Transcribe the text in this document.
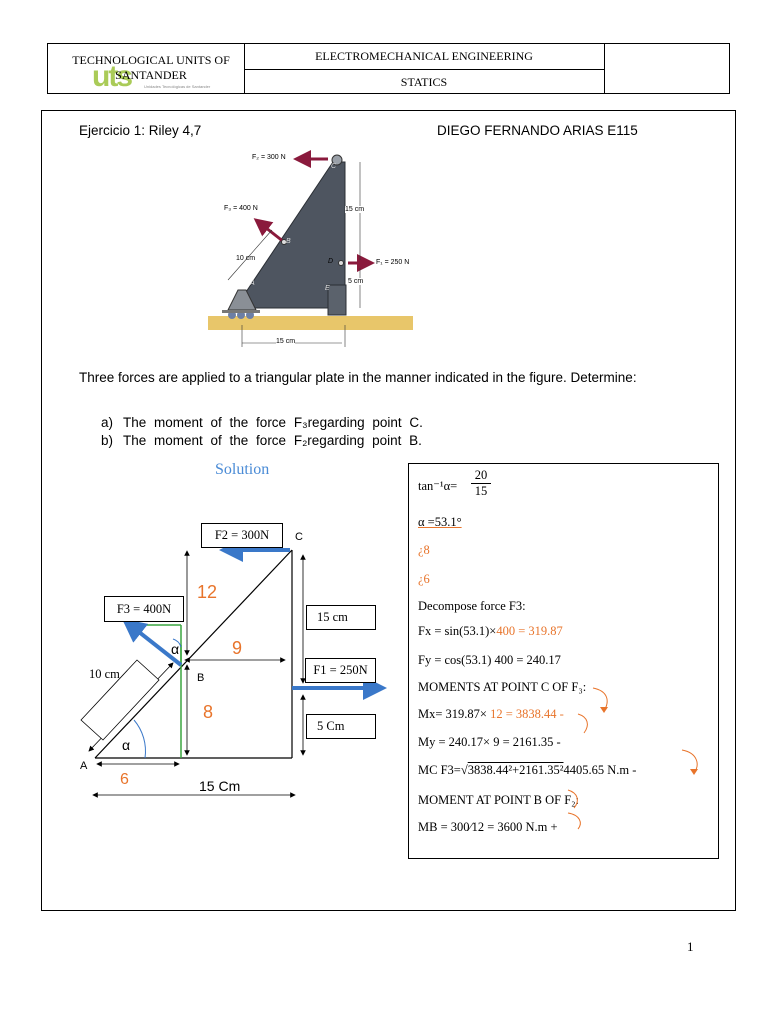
uts	Unidades Tecnológicas de Santander
TECHNOLOGICAL UNITS OF SANTANDER
ELECTROMECHANICAL ENGINEERING
STATICS
Ejercicio 1: Riley 4,7	DIEGO FERNANDO ARIAS E115
F₂ = 300 N
F₃ = 400 N
F₁ = 250 N
15 cm
10 cm
5 cm
15 cm
A
B
C
D
E
Three forces are applied to a triangular plate in the manner indicated in the figure. Determine:
a) The moment of the force F₃regarding point C.
b) The moment of the force F₂regarding point B.
Solution
F2 = 300N
F3 = 400N
F1 = 250N
15 cm
5 Cm
10 cm
12
9
8
6	15 Cm
α
α
A
B
C
$\tan^{-1}\alpha= \frac{20}{15}$
α =53.1°
¿8
¿6
Decompose force F3:
Fx = sin(53.1)×400 = 319.87
Fy = cos(53.1) 400 = 240.17
MOMENTS AT POINT C OF F₃:
Mx= 319.87× 12 = 3838.44 -
My = 240.17× 9 = 2161.35 -
MC F3=√3838.44²+2161.35²4405.65 N.m -
MOMENT AT POINT B OF F₂:
MB = 300⁄12 = 3600 N.m +
1
